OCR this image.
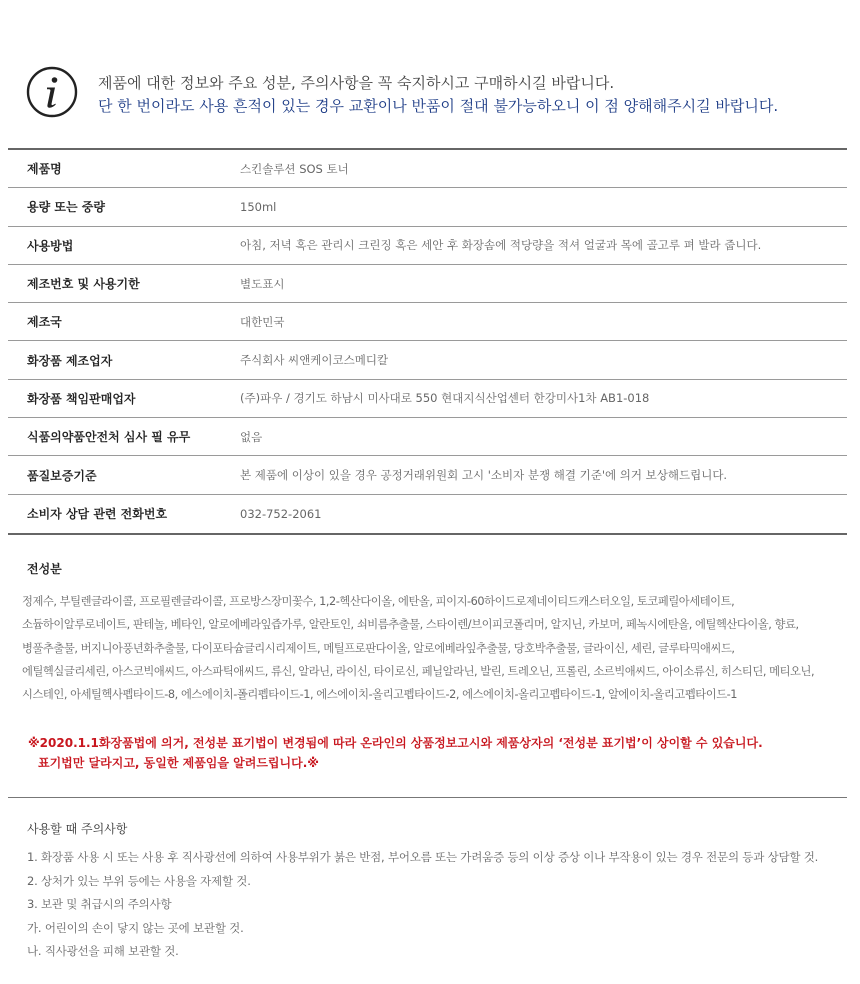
제품에 대한 정보와 주요 성분, 주의사항을 꼭 숙지하시고 구매하시길 바랍니다.
단 한 번이라도 사용 흔적이 있는 경우 교환이나 반품이 절대 불가능하오니 이 점 양해해주시길 바랍니다.
제품명	스킨솔루션 SOS 토너
용량 또는 중량	150ml
사용방법	아침, 저녁 혹은 관리시 크린징 혹은 세안 후 화장솜에 적당량을 적셔 얼굴과 목에 골고루 펴 발라 줍니다.
제조번호 및 사용기한	별도표시
제조국	대한민국
화장품 제조업자	주식회사 씨앤케이코스메디칼
화장품 책임판매업자	(주)파우 / 경기도 하남시 미사대로 550 현대지식산업센터 한강미사1차 AB1-018
식품의약품안전처 심사 필 유무	없음
품질보증기준	본 제품에 이상이 있을 경우 공정거래위원회 고시 '소비자 분쟁 해결 기준'에 의거 보상해드립니다.
소비자 상담 관련 전화번호	032-752-2061
전성분
정제수, 부틸렌글라이콜, 프로필렌글라이콜, 프로방스장미꽃수, 1,2-헥산다이올, 에탄올, 피이지-60하이드로제네이티드캐스터오일, 토코페릴아세테이트,
소듐하이알루로네이트, 판테놀, 베타인, 알로에베라잎즙가루, 알란토인, 쇠비름추출물, 스타이렌/브이피코폴리머, 알지닌, 카보머, 페녹시에탄올, 에틸헥산다이올, 향료,
병풀추출물, 버지니아풍년화추출물, 다이포타슘글리시리제이트, 메틸프로판다이올, 알로에베라잎추출물, 당호박추출물, 글라이신, 세린, 글루타믹애씨드,
에틸헥실글리세린, 아스코빅애씨드, 아스파틱애씨드, 류신, 알라닌, 라이신, 타이로신, 페닐알라닌, 발린, 트레오닌, 프롤린, 소르빅애씨드, 아이소류신, 히스티딘, 메티오닌,
시스테인, 아세틸헥사펩타이드-8, 에스에이치-폴리펩타이드-1, 에스에이치-올리고펩타이드-2, 에스에이치-올리고펩타이드-1, 알에이치-올리고펩타이드-1
※2020.1.1화장품법에 의거, 전성분 표기법이 변경됨에 따라 온라인의 상품정보고시와 제품상자의 ‘전성분 표기법’이 상이할 수 있습니다.
표기법만 달라지고, 동일한 제품임을 알려드립니다.※
사용할 때 주의사항
1. 화장품 사용 시 또는 사용 후 직사광선에 의하여 사용부위가 붉은 반점, 부어오름 또는 가려움증 등의 이상 증상 이나 부작용이 있는 경우 전문의 등과 상담할 것.
2. 상처가 있는 부위 등에는 사용을 자제할 것.
3. 보관 및 취급시의 주의사항
가. 어린이의 손이 닿지 않는 곳에 보관할 것.
나. 직사광선을 피해 보관할 것.
